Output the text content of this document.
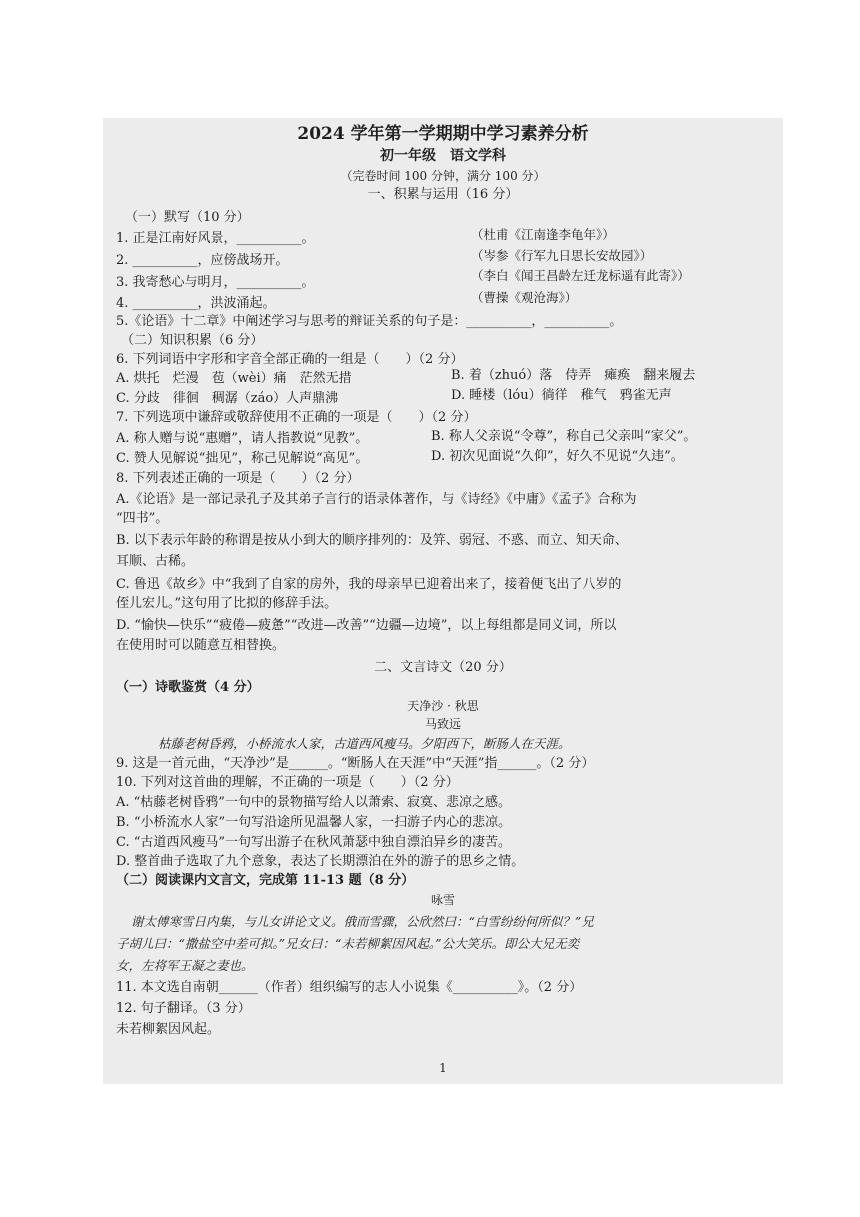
2024 学年第一学期期中学习素养分析
初一年级　语文学科
（完卷时间 100 分钟，满分 100 分）
一、积累与运用（16 分）
（一）默写（10 分）
1. 正是江南好风景，__________。	（杜甫《江南逢李龟年》）
2. __________，应傍战场开。	（岑参《行军九日思长安故园》）
3. 我寄愁心与明月，__________。	（李白《闻王昌龄左迁龙标遥有此寄》）
4. __________，洪波涌起。	（曹操《观沧海》）
5.《论语》十二章》中阐述学习与思考的辩证关系的句子是：__________，__________。
（二）知识积累（6 分）
6. 下列词语中字形和字音全部正确的一组是（　　）（2 分）
A. 烘托　烂漫　苞（wèi）痛　茫然无措	B. 着（zhuó）落　侍弄　瘫痪　翻来履去
C. 分歧　徘徊　稠潺（záo）人声鼎沸	D. 睡楼（lóu）徜徉　稚气　鸦雀无声
7. 下列选项中谦辞或敬辞使用不正确的一项是（　　）（2 分）
A. 称人赠与说“惠赠”，请人指教说“见教”。	B. 称人父亲说“令尊”，称自己父亲叫“家父”。
C. 赞人见解说“拙见”，称己见解说“高见”。	D. 初次见面说“久仰”，好久不见说“久违”。
8. 下列表述正确的一项是（　　）（2 分）
A.《论语》是一部记录孔子及其弟子言行的语录体著作，与《诗经》《中庸》《孟子》合称为
“四书”。
B. 以下表示年龄的称谓是按从小到大的顺序排列的：及笄、弱冠、不惑、而立、知天命、
耳顺、古稀。
C. 鲁迅《故乡》中“我到了自家的房外，我的母亲早已迎着出来了，接着便飞出了八岁的
侄儿宏儿。”这句用了比拟的修辞手法。
D. “愉快—快乐”“疲倦—疲惫”“改进—改善”“边疆—边境”，以上每组都是同义词，所以
在使用时可以随意互相替换。
二、文言诗文（20 分）
（一）诗歌鉴赏（4 分）
天净沙 · 秋思
马致远
枯藤老树昏鸦，小桥流水人家，古道西风瘦马。夕阳西下，断肠人在天涯。
9. 这是一首元曲，“天净沙”是______。“断肠人在天涯”中“天涯”指______。（2 分）
10. 下列对这首曲的理解，不正确的一项是（　　）（2 分）
A. “枯藤老树昏鸦”一句中的景物描写给人以萧索、寂寞、悲凉之感。
B. “小桥流水人家”一句写沿途所见温馨人家，一扫游子内心的悲凉。
C. “古道西风瘦马”一句写出游子在秋风萧瑟中独自漂泊异乡的凄苦。
D. 整首曲子选取了九个意象，表达了长期漂泊在外的游子的思乡之情。
（二）阅读课内文言文，完成第 11-13 题（8 分）
咏雪
谢太傅寒雪日内集，与儿女讲论文义。俄而雪骤，公欣然曰：“白雪纷纷何所似？”兄
子胡儿曰：“撒盐空中差可拟。”兄女曰：“未若柳絮因风起。”公大笑乐。即公大兄无奕
女，左将军王凝之妻也。
11. 本文选自南朝______（作者）组织编写的志人小说集《__________》。（2 分）
12. 句子翻译。（3 分）
未若柳絮因风起。
1
